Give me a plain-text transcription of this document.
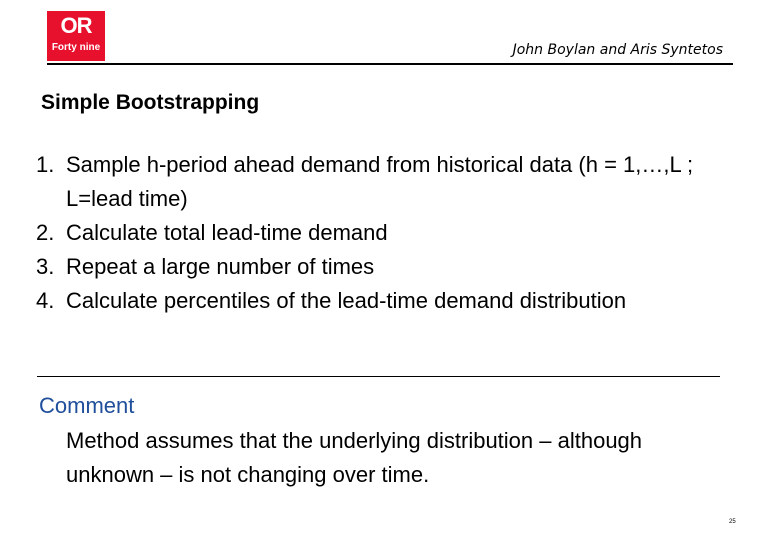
OR
Forty nine	John Boylan and Aris Syntetos
Simple Bootstrapping
1. Sample h-period ahead demand from historical data (h = 1,…,L ; L=lead time)
2. Calculate total lead-time demand
3. Repeat a large number of times
4. Calculate percentiles of the lead-time demand distribution
Comment
Method assumes that the underlying distribution – although unknown – is not changing over time.
25
